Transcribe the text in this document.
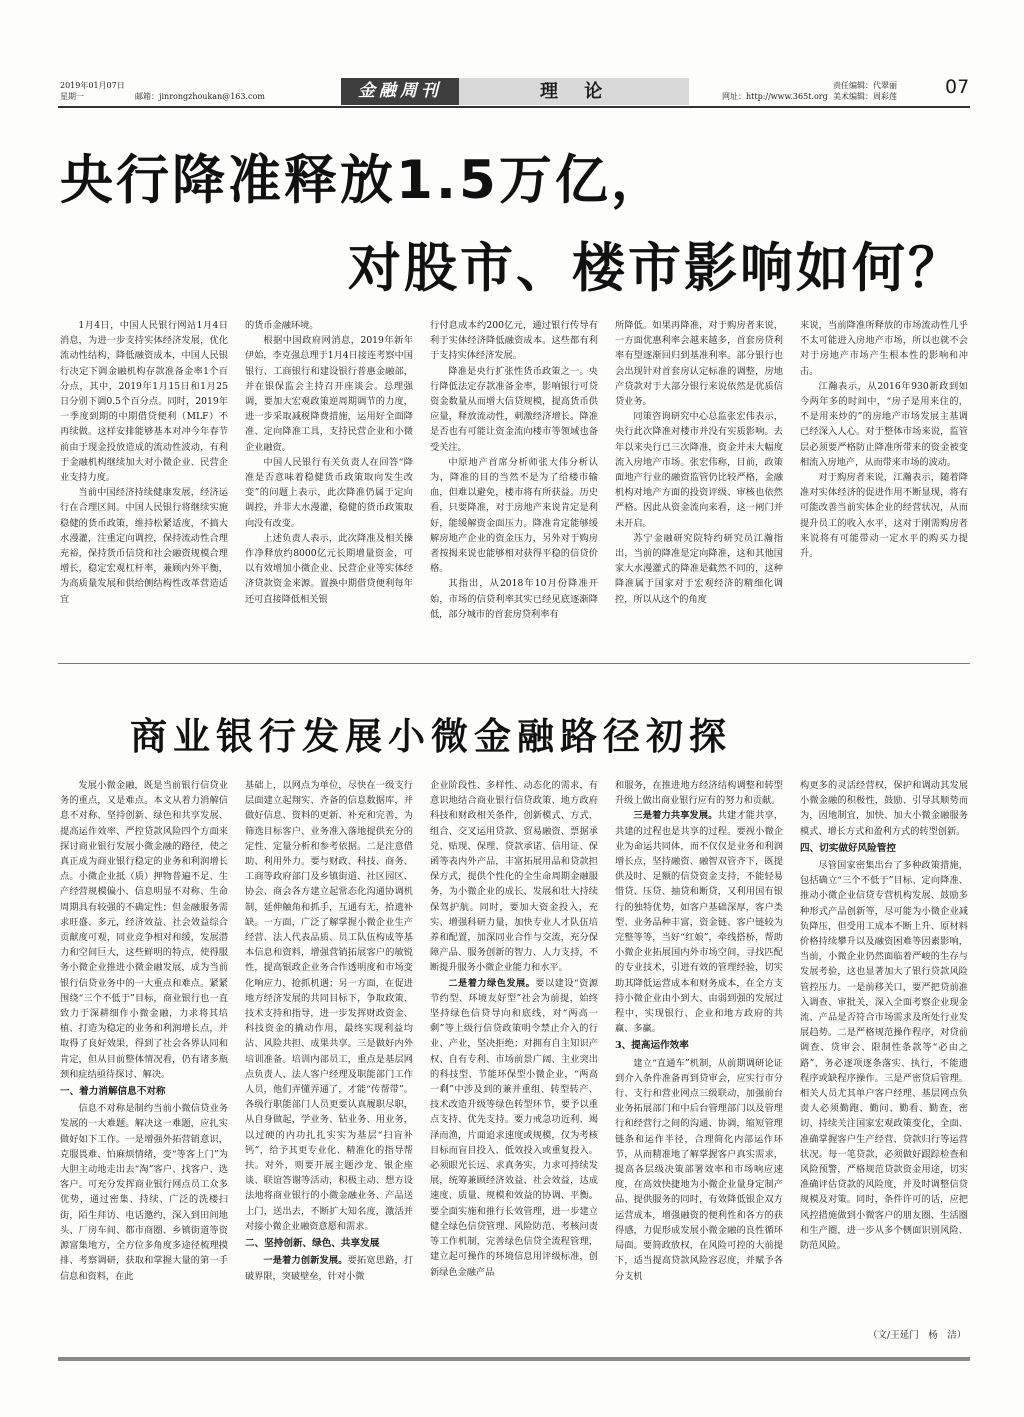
2019年01月07日
星期一	邮箱：jinrongzhoukan@163.com	金融周刊	理 论	网址：http://www.365t.org
责任编辑：代翠丽
美术编辑：周彩莲	07
央行降准释放1.5万亿，
对股市、楼市影响如何？

1月4日，中国人民银行网站1月4日消息，为进一步支持实体经济发展，优化流动性结构，降低融资成本，中国人民银行决定下调金融机构存款准备金率1个百分点，其中，2019年1月15日和1月25日分别下调0.5个百分点。同时，2019年一季度到期的中期借贷便利（MLF）不再续做。这样安排能够基本对冲今年春节前由于现金投放造成的流动性波动，有利于金融机构继续加大对小微企业、民营企业支持力度。

当前中国经济持续健康发展，经济运行在合理区间。中国人民银行将继续实施稳健的货币政策，维持松紧适度，不搞大水漫灌，注重定向调控，保持流动性合理充裕，保持货币信贷和社会融资规模合理增长，稳定宏观杠杆率，兼顾内外平衡，为高质量发展和供给侧结构性改革营造适宜

的货币金融环境。

根据中国政府网消息，2019年新年伊始，李克强总理于1月4日接连考察中国银行、工商银行和建设银行普惠金融部，并在银保监会主持召开座谈会。总理强调，要加大宏观政策逆周期调节的力度，进一步采取减税降费措施，运用好全面降准、定向降准工具，支持民营企业和小微企业融资。

中国人民银行有关负责人在回答“降准是否意味着稳健货币政策取向发生改变”的问题上表示，此次降准仍属于定向调控，并非大水漫灌，稳健的货币政策取向没有改变。

上述负责人表示，此次降准及相关操作净释放约8000亿元长期增量资金，可以有效增加小微企业、民营企业等实体经济贷款资金来源。置换中期借贷便利每年还可直接降低相关银

行付息成本约200亿元，通过银行传导有利于实体经济降低融资成本。这些都有利于支持实体经济发展。

降准是央行扩张性货币政策之一。央行降低法定存款准备金率，影响银行可贷资金数量从而增大信贷规模，提高货币供应量，释放流动性，刺激经济增长。降准是否也有可能让资金流向楼市等领域也备受关注。

中原地产首席分析师张大伟分析认为，降准的目的当然不是为了给楼市输血，但难以避免，楼市将有所获益。历史看，只要降准，对于房地产来说肯定是利好，能缓解资金面压力。降准肯定能够缓解房地产企业的资金压力，另外对于购房者按揭来说也能够相对获得平稳的信贷价格。

其指出，从2018年10月份降准开始，市场的信贷利率其实已经见底逐渐降低，部分城市的首套房贷利率有

所降低。如果再降准，对于购房者来说，一方面优惠利率会越来越多，首套房贷利率有望逐渐回归到基准利率。部分银行也会出现针对首套房认定标准的调整，房地产贷款对于大部分银行来说依然是优质信贷业务。

同策咨询研究中心总监张宏伟表示，央行此次降准对楼市并没有实质影响。去年以来央行已三次降准，资金并未大幅度流入房地产市场。张宏伟称，目前，政策面地产行业的融资监管仍比较严格，金融机构对地产方面的投资评级、审核也依然严格。因此从资金流向来看，这一闸门并未开启。

苏宁金融研究院特约研究员江瀚指出，当前的降准是定向降准，这和其他国家大水漫灌式的降准是截然不同的，这种降准属于国家对于宏观经济的精细化调控，所以从这个的角度

来说，当前降准所释放的市场流动性几乎不太可能进入房地产市场，所以也就不会对于房地产市场产生根本性的影响和冲击。

江瀚表示，从2016年930新政到如今两年多的时间中，“房子是用来住的，不是用来炒的”的房地产市场发展主基调已经深入人心。对于整体市场来说，监管层必须要严格防止降准所带来的资金被变相流入房地产，从而带来市场的波动。

对于购房者来说，江瀚表示，随着降准对实体经济的促进作用不断显现，将有可能改善当前实体企业的经营状况，从而提升员工的收入水平，这对于刚需购房者来说将有可能带动一定水平的购买力提升。

商业银行发展小微金融路径初探

发展小微金融，既是当前银行信贷业务的重点，又是难点。本文从着力消解信息不对称、坚持创新、绿色和共享发展、提高运作效率、严控贷款风险四个方面来探讨商业银行发展小微金融的路径，使之真正成为商业银行稳定的业务和利润增长点。小微企业抵（质）押物普遍不足、生产经营规模偏小、信息明显不对称、生命周期具有较强的不确定性；但金融服务需求旺盛、多元，经济效益、社会效益综合贡献度可观，同业竞争相对和缓，发展潜力和空间巨大，这些鲜明的特点，使得服务小微企业推进小微金融发展，成为当前银行信贷业务中的一大重点和难点。紧紧围绕“三个不低于”目标，商业银行也一直致力于深耕细作小微金融，力求将其培植、打造为稳定的业务和利润增长点，并取得了良好效果，得到了社会各界认同和肯定，但从目前整体情况看，仍有诸多瓶颈和症结亟待探讨、解决。

一、着力消解信息不对称

信息不对称是制约当前小微信贷业务发展的一大难题。解决这一难题，应扎实做好如下工作。一是增强外拓营销意识，克服畏难、怕麻烦情绪，变“等客上门”为大胆主动地走出去“淘”客户、找客户、选客户。可充分发挥商业银行网点员工众多优势，通过密集、持续、广泛的洗楼扫街，陌生拜访、电话邀约，深入到田间地头、厂房车间、都市商圈、乡镇街道等资源富集地方，全方位多角度多途径梳理摸排、考察调研，获取和掌握大量的第一手信息和资料，在此

基础上，以网点为单位，尽快在一级支行层面建立起翔实、齐备的信息数据库，并做好信息、资料的更新、补充和完善，为筛选目标客户、业务准入落地提供充分的定性、定量分析和参考依据。二是注意借助、利用外力。要与财政、科技、商务、工商等政府部门及乡镇街道、社区园区、协会、商会各方建立起常态化沟通协调机制，延伸触角和抓手，互通有无，拾遗补缺。一方面，广泛了解掌握小微企业生产经营、法人代表品质、员工队伍构成等基本信息和资料，增强营销拓展客户的敏锐性，提高银政企业务合作透明度和市场变化响应力，抢抓机遇；另一方面，在促进地方经济发展的共同目标下，争取政策、技术支持和指导，进一步发挥财政资金、科技资金的撬动作用，最终实现利益均沾、风险共担、成果共享。三是做好内外培训准备。培训内部员工，重点是基层网点负责人、法人客户经理及职能部门工作人员，他们弄懂弄通了，才能“传帮带”。各级行职能部门人员更要认真履职尽职，从自身做起，学业务、钻业务、用业务，以过硬的内功扎扎实实为基层“扫盲补钙”，给予其更专业化、精准化的指导帮扶。对外，则要开展主题沙龙、银企座谈、联谊答谢等活动，积极主动、想方设法地将商业银行的小微金融业务、产品送上门，送出去，不断扩大知名度，激活并对接小微企业融资意愿和需求。

二、坚持创新、绿色、共享发展

一是着力创新发展。要拓宽思路，打破界限，突破壁垒，针对小微

企业阶段性、多样性、动态化的需求，有意识地结合商业银行信贷政策、地方政府科技和财政相关条件，创新模式、方式，组合、交叉运用贷款、贸易融资、票据承兑、贴现、保理、贷款承诺、信用证、保函等表内外产品，丰富拓展用品和贷款担保方式，提供个性化的全生命周期金融服务，为小微企业的成长、发展和壮大持续保驾护航。同时，要加大资金投入，充实、增强科研力量，加快专业人才队伍培养和配置，加深同业合作与交流，充分保障产品、服务创新的智力、人力支持，不断提升服务小微企业能力和水平。

二是着力绿色发展。要以建设“资源节约型、环境友好型”社会为前提，始终坚持绿色信贷导向和底线，对“两高一剩”等上级行信贷政策明令禁止介入的行业、产业，坚决拒绝；对拥有自主知识产权、自有专利、市场前景广阔、主业突出的科技型、节能环保型小微企业，“两高一剩”中涉及到的兼并重组、转型转产、技术改造升级等绿色转型环节，要予以重点支持、优先支持。要力戒急功近利、竭泽而渔，片面追求速度或规模，仅为考核目标而盲目投入、低效投入或重复投入。必须眼光长远、求真务实，力求可持续发展，统筹兼顾经济效益、社会效益，达成速度、质量、规模和效益的协调、平衡。要全面实施和推行长效管理，进一步建立健全绿色信贷管理、风险防范、考核问责等工作机制，完善绿色信贷全流程管理，建立起可操作的环境信息用评级标准，创新绿色金融产品

和服务，在推进地方经济结构调整和转型升级上做出商业银行应有的努力和贡献。

三是着力共享发展。共建才能共享，共建的过程也是共享的过程。要视小微企业为命运共同体，而不仅仅是业务和利润增长点，坚持融资、融智双管齐下，既提供及时、足额的信贷资金支持，不能轻易惜贷、压贷、抽贷和断贷，又利用国有银行的独特优势，如客户基础深厚，客户类型、业务品种丰富，资金链、客户链较为完整等等，当好“红娘”，牵线搭桥，帮助小微企业拓展国内外市场空间，寻找匹配的专业技术，引进有效的管理经验，切实助其降低运营成本和财务成本，在全方支持小微企业由小到大、由弱到强的发展过程中，实现银行、企业和地方政府的共赢、多赢。

3、提高运作效率

建立“直通车”机制，从前期调研论证到介入条件准备再到贷审会，应实行市分行、支行和营业网点三级联动，加强前台业务拓展部门和中后台管理部门以及管理行和经营行之间的沟通、协调，缩短管理链条和运作半径，合理简化内部运作环节，从而精准地了解掌握客户真实需求，提高各层级决策部署效率和市场响应速度，在高效快捷地为小微企业量身定制产品、提供服务的同时，有效降低银企双方运营成本，增强融资的便利性和各方的获得感，力促形成发展小微金融的良性循环局面。要简政放权，在风险可控的大前提下，适当提高贷款风险容忍度，并赋予各分支机

构更多的灵活经营权，保护和调动其发展小微金融的积极性，鼓励、引导其顺势而为，因地制宜，加快、加大小微金融服务模式、增长方式和盈利方式的转型创新。

四、切实做好风险管控

尽管国家密集出台了多种政策措施，包括确立“三个不低于”目标、定向降准、推动小微企业信贷专营机构发展、鼓励多种形式产品创新等，尽可能为小微企业减负降压，但受用工成本不断上升、原材料价格持续攀升以及融资困难等因素影响，当前，小微企业仍然面临着严峻的生存与发展考验，这也显著加大了银行贷款风险管控压力。一是前移关口，要严把贷前准入调查、审批关，深入全面考察企业现金流、产品是否符合市场需求及所处行业发展趋势。二是严格规范操作程序，对贷前调查、贷审会、限制性条款等“必由之路”，务必逐项逐条落实、执行，不能遗程序或缺程序操作。三是严密贷后管理。相关人员尤其单户客户经理、基层网点负责人必须勤跑、勤问、勤看、勤查，密切、持续关注国家宏观政策变化，全面、准确掌握客户生产经营、贷款归行等运营状况。每一笔贷款，必须做好跟踪检查和风险预警，严格规范贷款资金用途，切实准确评估贷款的风险度，并及时调整信贷规模及对策。同时，条件许可的话，应把风控措施做到小微客户的朋友圈、生活圈和生产圈，进一步从多个侧面识别风险、防范风险。

（文/王延门　杨　洁）
